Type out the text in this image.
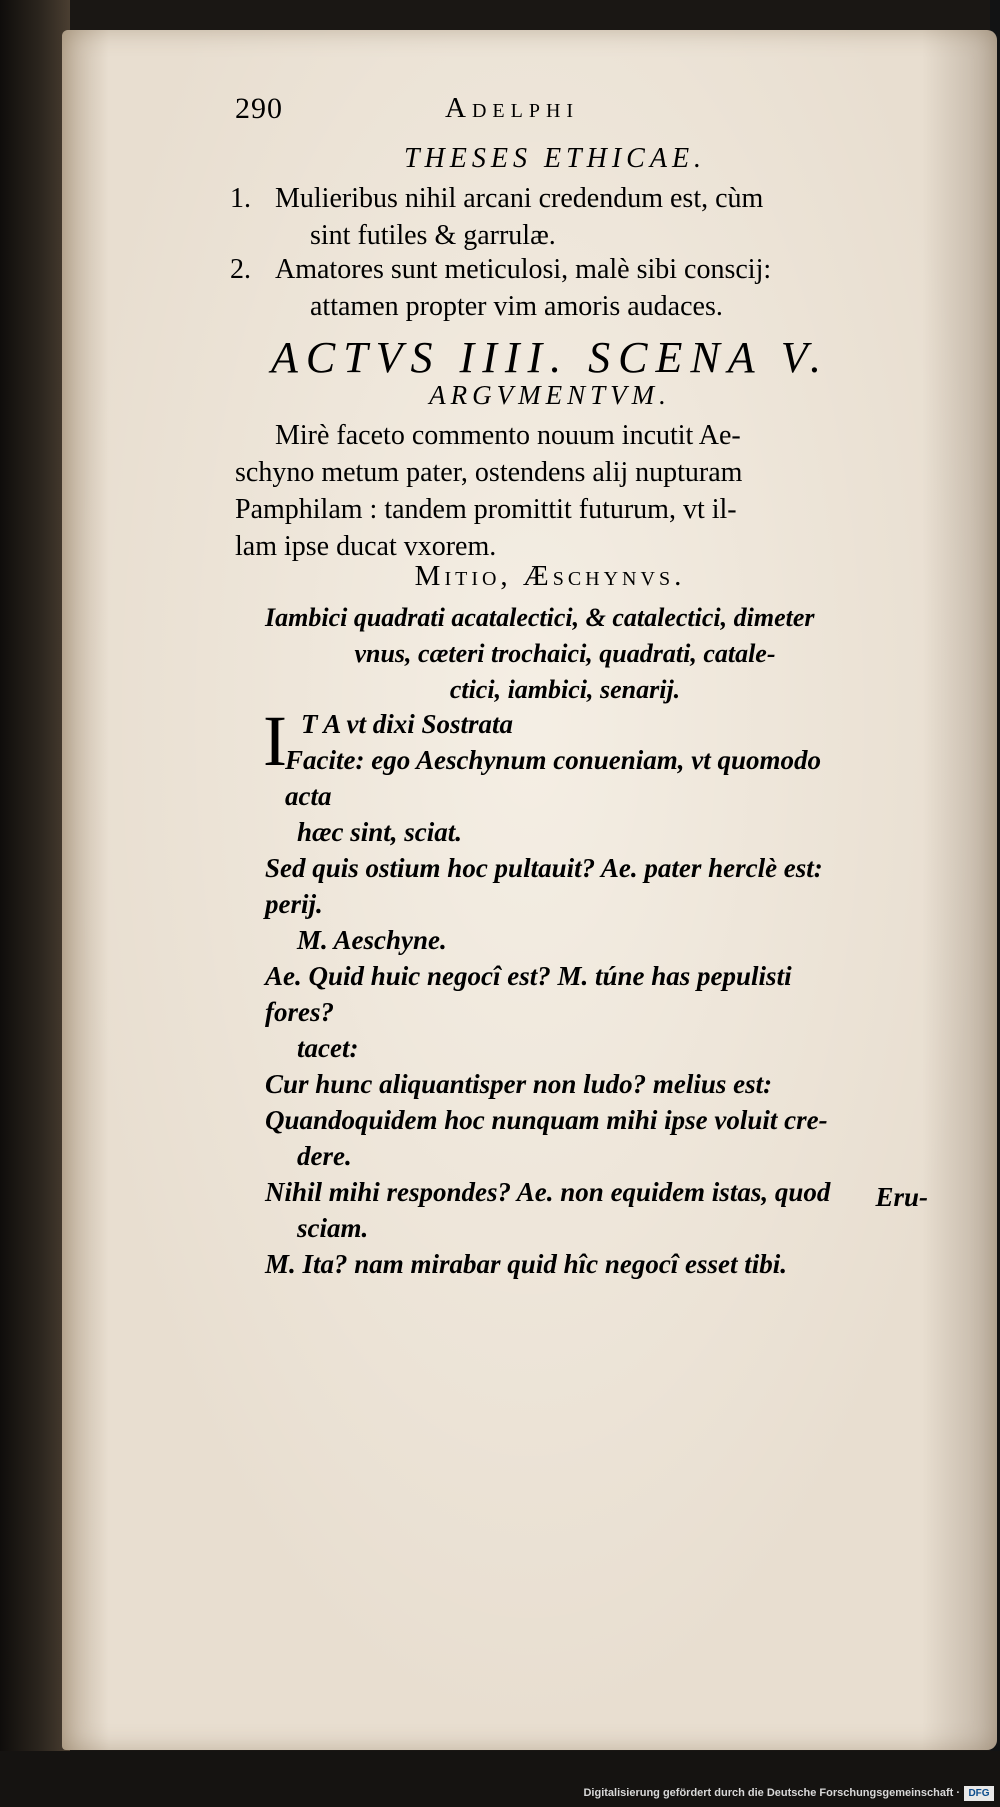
290	Adelphi
THESES ETHICAE.
1. Mulieribus nihil arcani credendum est, cùm
sint futiles & garrulæ.
2. Amatores sunt meticulosi, malè sibi conscij:
attamen propter vim amoris audaces.
ACTVS IIII. SCENA V.
ARGVMENTVM.
Mirè faceto commento nouum incutit Ae-
schyno metum pater, ostendens alij nupturam
Pamphilam : tandem promittit futurum, vt il-
lam ipse ducat vxorem.
Mitio, Æschynvs.
Iambici quadrati acatalectici, & catalectici, dimeter
vnus, cæteri trochaici, quadrati, catale-
ctici, iambici, senarij.
I T A vt dixi Sostrata
Facite: ego Aeschynum conueniam, vt quomodo acta
hæc sint, sciat.
Sed quis ostium hoc pultauit? Ae. pater herclè est: perij.
M. Aeschyne.
Ae. Quid huic negocî est? M. túne has pepulisti fores?
tacet:
Cur hunc aliquantisper non ludo? melius est:
Quandoquidem hoc nunquam mihi ipse voluit cre-
dere.
Nihil mihi respondes? Ae. non equidem istas, quod
sciam.
M. Ita? nam mirabar quid hîc negocî esset tibi.
Eru-
Digitalisierung gefördert durch die Deutsche Forschungsgemeinschaft · DFG
